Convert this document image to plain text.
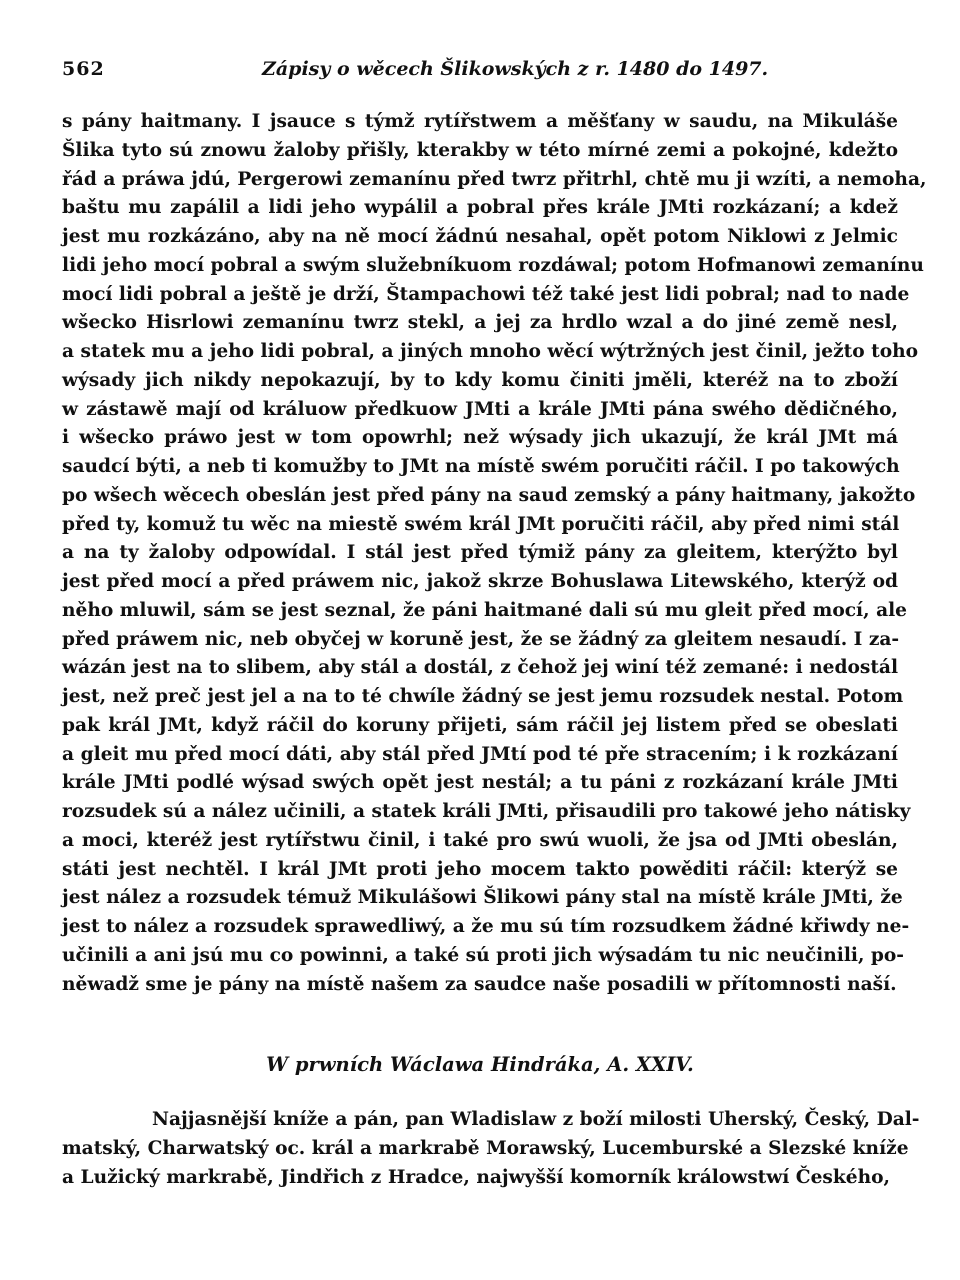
562	Zápisy o wěcech Šlikowských z r. 1480 do 1497.
s pány haitmany. I jsauce s týmž rytířstwem a měšťany w saudu, na Mikuláše
Šlika tyto sú znowu žaloby přišly, kterakby w této mírné zemi a pokojné, kdežto
řád a práwa jdú, Pergerowi zemanínu před twrz přitrhl, chtě mu ji wzíti, a nemoha,
baštu mu zapálil a lidi jeho wypálil a pobral přes krále JMti rozkázaní; a kdež
jest mu rozkázáno, aby na ně mocí žádnú nesahal, opět potom Niklowi z Jelmic
lidi jeho mocí pobral a swým služebníkuom rozdáwal; potom Hofmanowi zemanínu
mocí lidi pobral a ještě je drží, Štampachowi též také jest lidi pobral; nad to nade
wšecko Hisrlowi zemanínu twrz stekl, a jej za hrdlo wzal a do jiné země nesl,
a statek mu a jeho lidi pobral, a jiných mnoho wěcí wýtržných jest činil, ježto toho
wýsady jich nikdy nepokazují, by to kdy komu činiti jměli, kteréž na to zboží
w zástawě mají od králuow předkuow JMti a krále JMti pána swého dědičného,
i wšecko práwo jest w tom opowrhl; než wýsady jich ukazují, že král JMt má
saudcí býti, a neb ti komužby to JMt na místě swém poručiti ráčil. I po takowých
po wšech wěcech obeslán jest před pány na saud zemský a pány haitmany, jakožto
před ty, komuž tu wěc na miestě swém král JMt poručiti ráčil, aby před nimi stál
a na ty žaloby odpowídal. I stál jest před týmiž pány za gleitem, kterýžto byl
jest před mocí a před práwem nic, jakož skrze Bohuslawa Litewského, kterýž od
něho mluwil, sám se jest seznal, že páni haitmané dali sú mu gleit před mocí, ale
před práwem nic, neb obyčej w koruně jest, že se žádný za gleitem nesaudí. I za-
wázán jest na to slibem, aby stál a dostál, z čehož jej winí též zemané: i nedostál
jest, než preč jest jel a na to té chwíle žádný se jest jemu rozsudek nestal. Potom
pak král JMt, když ráčil do koruny přijeti, sám ráčil jej listem před se obeslati
a gleit mu před mocí dáti, aby stál před JMtí pod té pře stracením; i k rozkázaní
krále JMti podlé wýsad swých opět jest nestál; a tu páni z rozkázaní krále JMti
rozsudek sú a nález učinili, a statek králi JMti, přisaudili pro takowé jeho nátisky
a moci, kteréž jest rytířstwu činil, i také pro swú wuoli, že jsa od JMti obeslán,
státi jest nechtěl. I král JMt proti jeho mocem takto powěditi ráčil: kterýž se
jest nález a rozsudek témuž Mikulášowi Šlikowi pány stal na místě krále JMti, že
jest to nález a rozsudek sprawedliwý, a že mu sú tím rozsudkem žádné křiwdy ne-
učinili a ani jsú mu co powinni, a také sú proti jich wýsadám tu nic neučinili, po-
něwadž sme je pány na místě našem za saudce naše posadili w přítomnosti naší.
W prwních Wáclawa Hindráka, A. XXIV.
Najjasnější kníže a pán, pan Wladislaw z boží milosti Uherský, Český, Dal-
matský, Charwatský oc. král a markrabě Morawský, Lucemburské a Slezské kníže
a Lužický markrabě, Jindřich z Hradce, najwyšší komorník králowstwí Českého,
